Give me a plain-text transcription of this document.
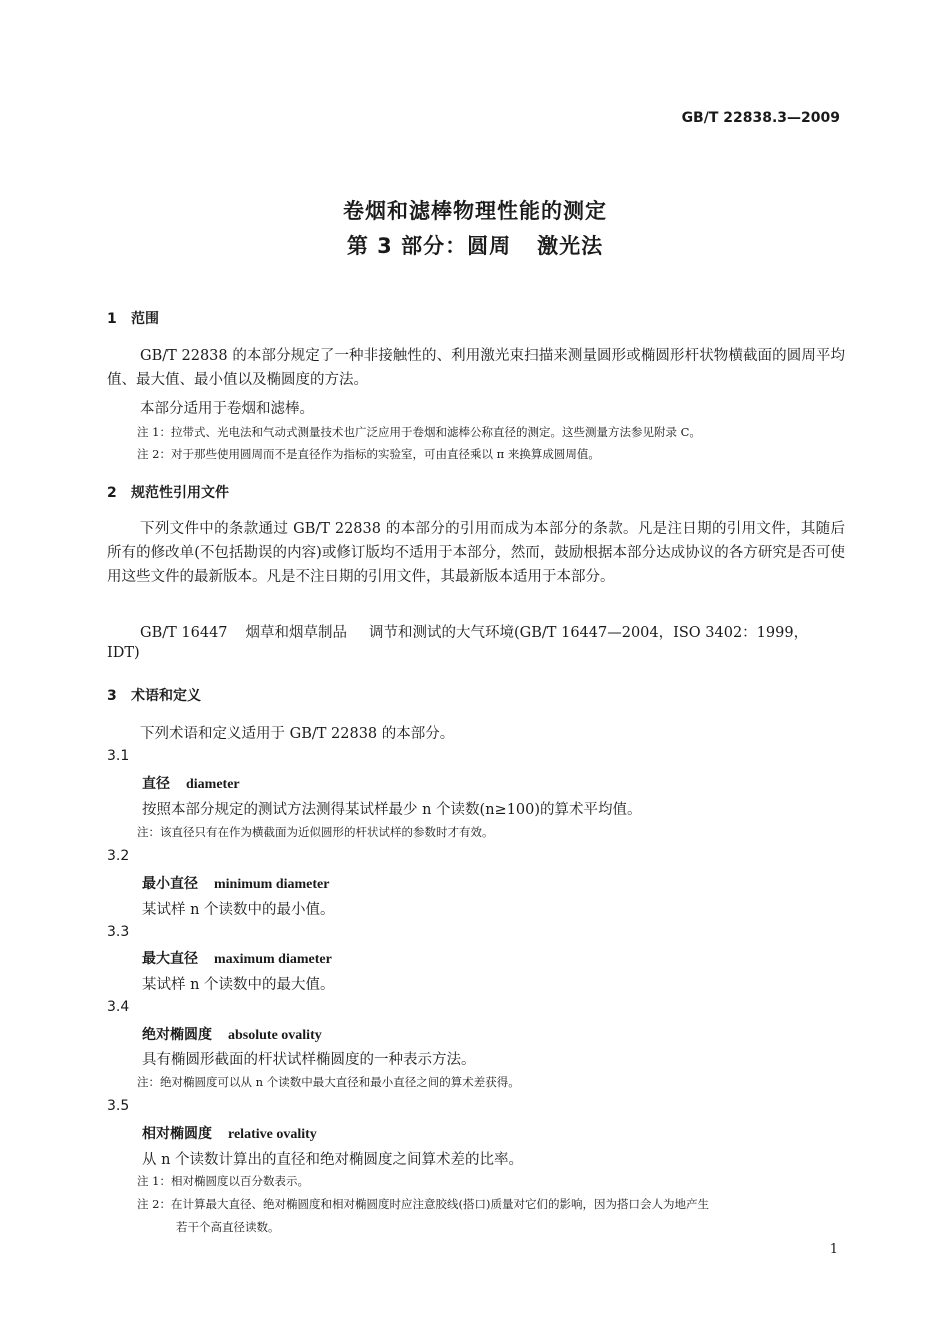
GB/T 22838.3—2009
卷烟和滤棒物理性能的测定
第 3 部分：圆周 激光法
1 范围
GB/T 22838 的本部分规定了一种非接触性的、利用激光束扫描来测量圆形或椭圆形杆状物横截面的圆周平均值、最大值、最小值以及椭圆度的方法。
本部分适用于卷烟和滤棒。
注 1：拉带式、光电法和气动式测量技术也广泛应用于卷烟和滤棒公称直径的测定。这些测量方法参见附录 C。
注 2：对于那些使用圆周而不是直径作为指标的实验室，可由直径乘以 π 来换算成圆周值。
2 规范性引用文件
下列文件中的条款通过 GB/T 22838 的本部分的引用而成为本部分的条款。凡是注日期的引用文件，其随后所有的修改单(不包括勘误的内容)或修订版均不适用于本部分，然而，鼓励根据本部分达成协议的各方研究是否可使用这些文件的最新版本。凡是不注日期的引用文件，其最新版本适用于本部分。
GB/T 16447 烟草和烟草制品 调节和测试的大气环境(GB/T 16447—2004，ISO 3402：1999，
IDT)
3 术语和定义
下列术语和定义适用于 GB/T 22838 的本部分。
3.1
直径 diameter
按照本部分规定的测试方法测得某试样最少 n 个读数(n≥100)的算术平均值。
注：该直径只有在作为横截面为近似圆形的杆状试样的参数时才有效。
3.2
最小直径 minimum diameter
某试样 n 个读数中的最小值。
3.3
最大直径 maximum diameter
某试样 n 个读数中的最大值。
3.4
绝对椭圆度 absolute ovality
具有椭圆形截面的杆状试样椭圆度的一种表示方法。
注：绝对椭圆度可以从 n 个读数中最大直径和最小直径之间的算术差获得。
3.5
相对椭圆度 relative ovality
从 n 个读数计算出的直径和绝对椭圆度之间算术差的比率。
注 1：相对椭圆度以百分数表示。
注 2：在计算最大直径、绝对椭圆度和相对椭圆度时应注意胶线(搭口)质量对它们的影响，因为搭口会人为地产生
若干个高直径读数。
1
